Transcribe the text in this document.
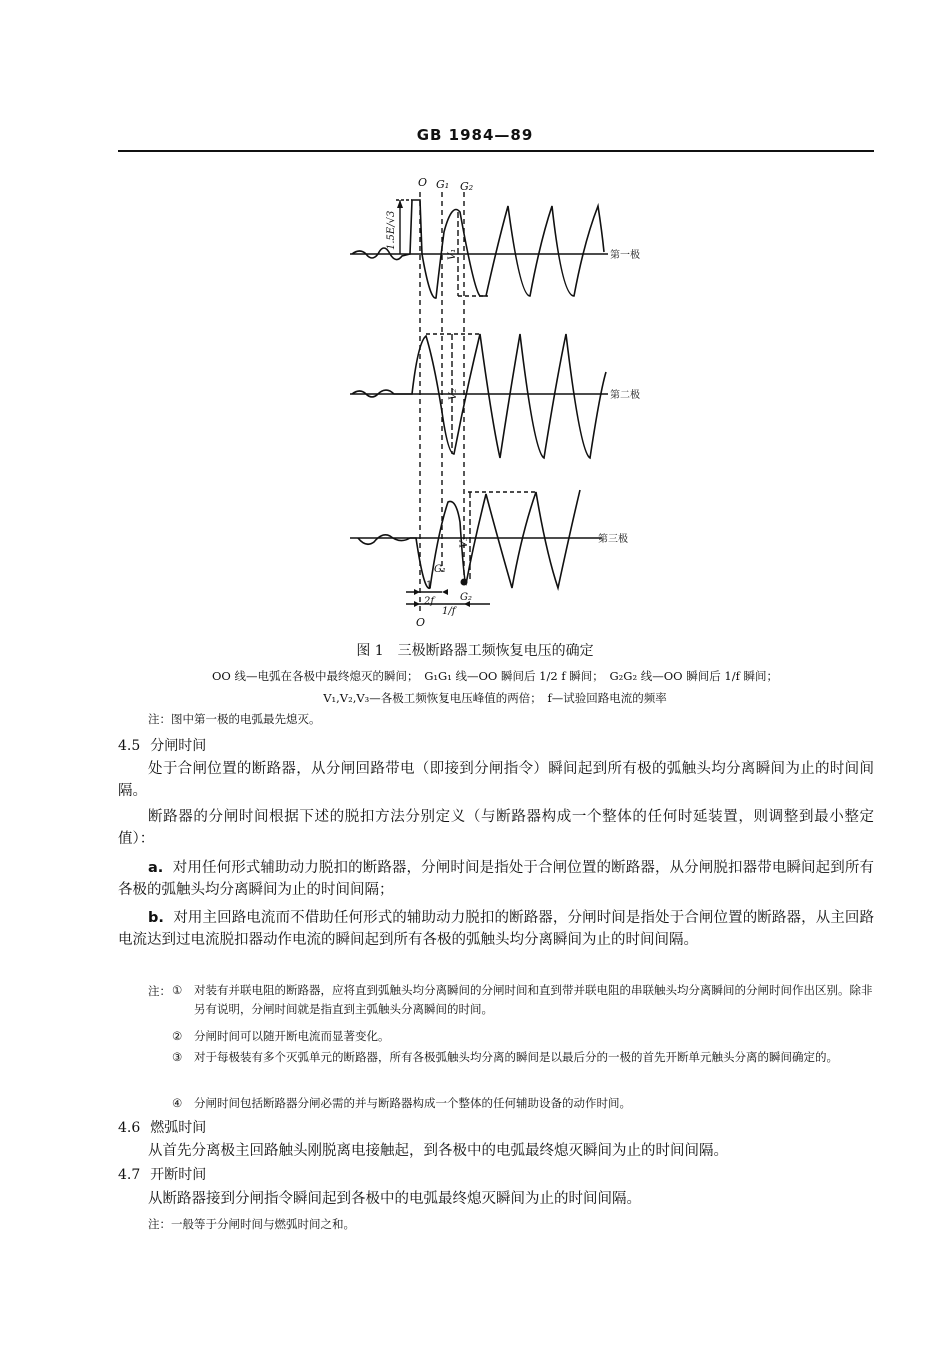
GB 1984—89
O G₁ G₂
1.5E/√3
V₁
V₂
V₃
第一极
第二极
第三极
G₁
G₂
1
2f
1/f
O
图 1　三极断路器工频恢复电压的确定
OO 线—电弧在各极中最终熄灭的瞬间；　G₁G₁ 线—OO 瞬间后 1/2 f 瞬间；　G₂G₂ 线—OO 瞬间后 1/f 瞬间；
V₁,V₂,V₃—各极工频恢复电压峰值的两倍；　f—试验回路电流的频率
注：图中第一极的电弧最先熄灭。
4.5 分闸时间
处于合闸位置的断路器，从分闸回路带电（即接到分闸指令）瞬间起到所有极的弧触头均分离瞬间为止的时间间隔。
断路器的分闸时间根据下述的脱扣方法分别定义（与断路器构成一个整体的任何时延装置，则调整到最小整定值）：
a. 对用任何形式辅助动力脱扣的断路器，分闸时间是指处于合闸位置的断路器，从分闸脱扣器带电瞬间起到所有各极的弧触头均分离瞬间为止的时间间隔；
b. 对用主回路电流而不借助任何形式的辅助动力脱扣的断路器，分闸时间是指处于合闸位置的断路器，从主回路电流达到过电流脱扣器动作电流的瞬间起到所有各极的弧触头均分离瞬间为止的时间间隔。
注： ①	对装有并联电阻的断路器，应将直到弧触头均分离瞬间的分闸时间和直到带并联电阻的串联触头均分离瞬间的分闸时间作出区别。除非另有说明，分闸时间就是指直到主弧触头分离瞬间的时间。
②	分闸时间可以随开断电流而显著变化。
③	对于每极装有多个灭弧单元的断路器，所有各极弧触头均分离的瞬间是以最后分的一极的首先开断单元触头分离的瞬间确定的。
④	分闸时间包括断路器分闸必需的并与断路器构成一个整体的任何辅助设备的动作时间。
4.6 燃弧时间
从首先分离极主回路触头刚脱离电接触起，到各极中的电弧最终熄灭瞬间为止的时间间隔。
4.7 开断时间
从断路器接到分闸指令瞬间起到各极中的电弧最终熄灭瞬间为止的时间间隔。
注：一般等于分闸时间与燃弧时间之和。
